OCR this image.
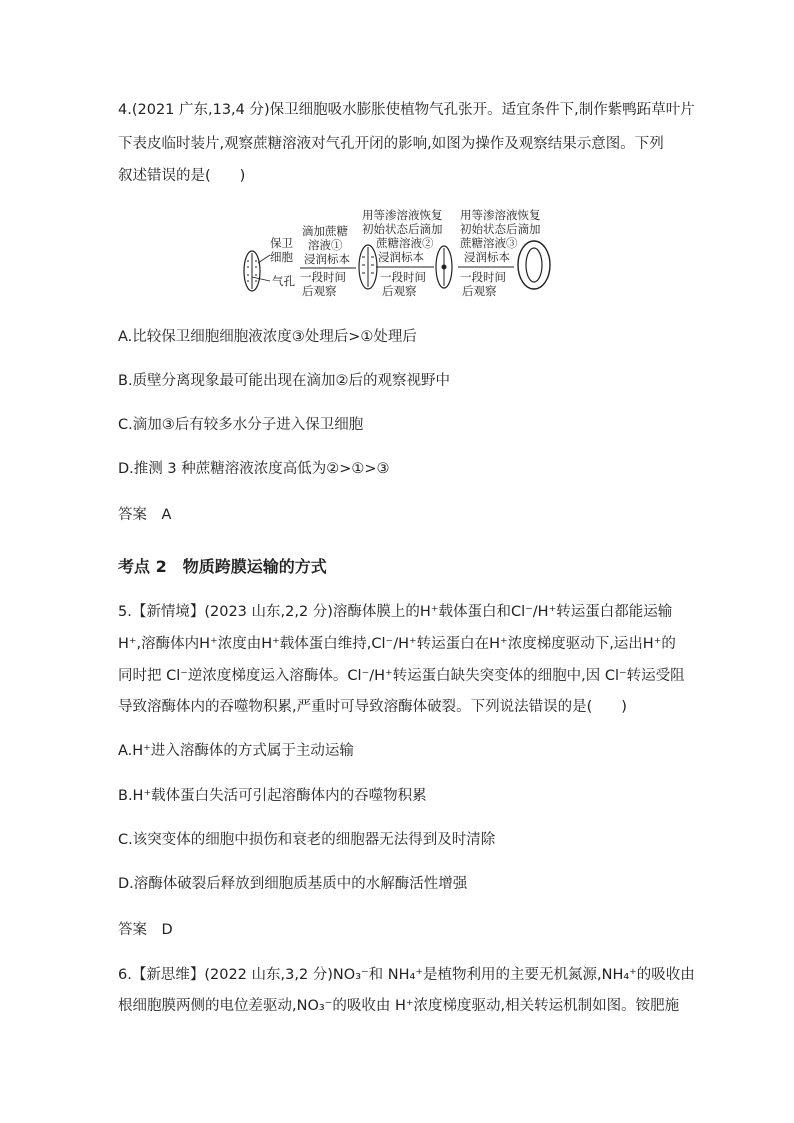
4.(2021 广东,13,4 分)保卫细胞吸水膨胀使植物气孔张开。适宜条件下,制作紫鸭跖草叶片
下表皮临时装片,观察蔗糖溶液对气孔开闭的影响,如图为操作及观察结果示意图。下列
叙述错误的是(　　)
保卫
细胞
气孔
滴加蔗糖
溶液①
浸润标本
一段时间
后观察
用等渗溶液恢复
初始状态后滴加
蔗糖溶液②
浸润标本
一段时间
后观察
用等渗溶液恢复
初始状态后滴加
蔗糖溶液③
浸润标本
一段时间
后观察
A.比较保卫细胞细胞液浓度③处理后>①处理后
B.质壁分离现象最可能出现在滴加②后的观察视野中
C.滴加③后有较多水分子进入保卫细胞
D.推测 3 种蔗糖溶液浓度高低为②>①>③
答案　A
考点 2　物质跨膜运输的方式
5.【新情境】(2023 山东,2,2 分)溶酶体膜上的H⁺载体蛋白和Cl⁻/H⁺转运蛋白都能运输
H⁺,溶酶体内H⁺浓度由H⁺载体蛋白维持,Cl⁻/H⁺转运蛋白在H⁺浓度梯度驱动下,运出H⁺的
同时把 Cl⁻逆浓度梯度运入溶酶体。Cl⁻/H⁺转运蛋白缺失突变体的细胞中,因 Cl⁻转运受阻
导致溶酶体内的吞噬物积累,严重时可导致溶酶体破裂。下列说法错误的是(　　)
A.H⁺进入溶酶体的方式属于主动运输
B.H⁺载体蛋白失活可引起溶酶体内的吞噬物积累
C.该突变体的细胞中损伤和衰老的细胞器无法得到及时清除
D.溶酶体破裂后释放到细胞质基质中的水解酶活性增强
答案　D
6.【新思维】(2022 山东,3,2 分)NO₃⁻和 NH₄⁺是植物利用的主要无机氮源,NH₄⁺的吸收由
根细胞膜两侧的电位差驱动,NO₃⁻的吸收由 H⁺浓度梯度驱动,相关转运机制如图。铵肥施
